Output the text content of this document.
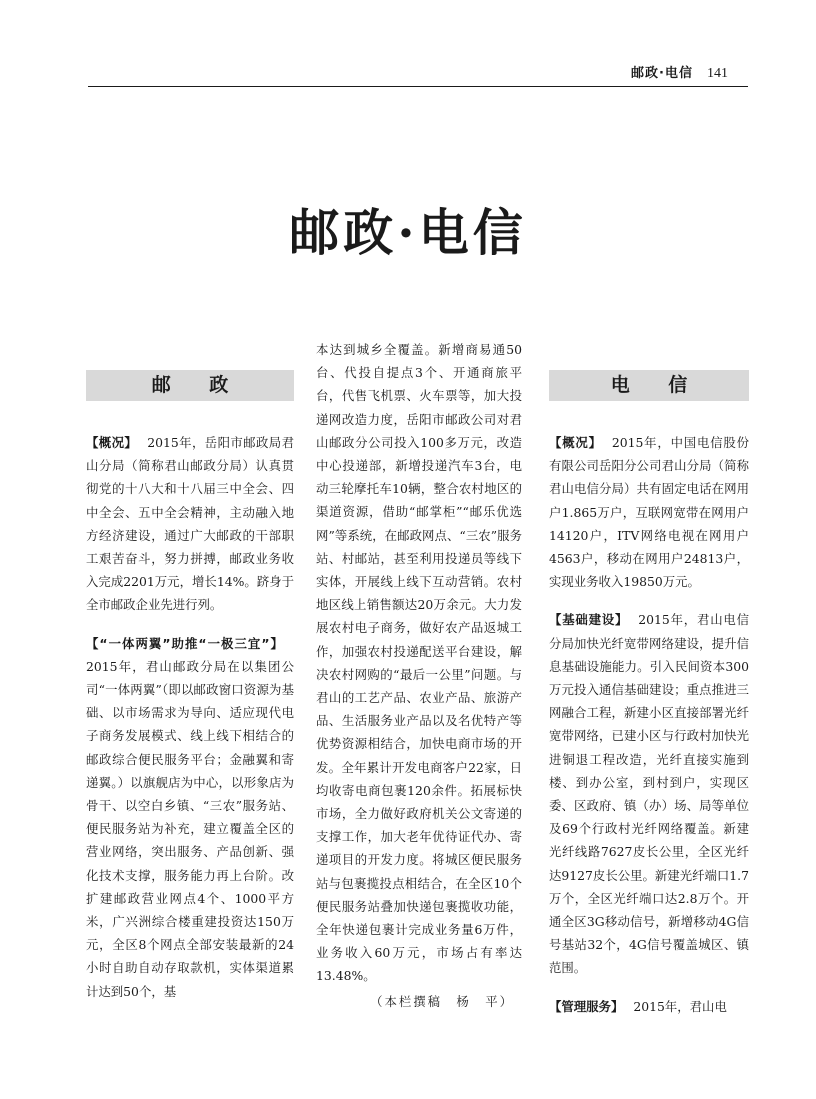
邮政·电信 141
邮政·电信
邮 政

【概况】 2015年，岳阳市邮政局君山分局（简称君山邮政分局）认真贯彻党的十八大和十八届三中全会、四中全会、五中全会精神，主动融入地方经济建设，通过广大邮政的干部职工艰苦奋斗，努力拼搏，邮政业务收入完成2201万元，增长14%。跻身于全市邮政企业先进行列。

【“一体两翼”助推“一极三宜”】2015年，君山邮政分局在以集团公司“一体两翼”（即以邮政窗口资源为基础、以市场需求为导向、适应现代电子商务发展模式、线上线下相结合的邮政综合便民服务平台；金融翼和寄递翼。）以旗舰店为中心，以形象店为骨干、以空白乡镇、“三农”服务站、便民服务站为补充，建立覆盖全区的营业网络，突出服务、产品创新、强化技术支撑，服务能力再上台阶。改扩建邮政营业网点4个、1000平方米，广兴洲综合楼重建投资达150万元，全区8个网点全部安装最新的24小时自助自动存取款机，实体渠道累计达到50个，基

本达到城乡全覆盖。新增商易通50台、代投自提点3个、开通商旅平台，代售飞机票、火车票等，加大投递网改造力度，岳阳市邮政公司对君山邮政分公司投入100多万元，改造中心投递部，新增投递汽车3台，电动三轮摩托车10辆，整合农村地区的渠道资源，借助“邮掌柜”“邮乐优选网”等系统，在邮政网点、“三农”服务站、村邮站，甚至利用投递员等线下实体，开展线上线下互动营销。农村地区线上销售额达20万余元。大力发展农村电子商务，做好农产品返城工作，加强农村投递配送平台建设，解决农村网购的“最后一公里”问题。与君山的工艺产品、农业产品、旅游产品、生活服务业产品以及名优特产等优势资源相结合，加快电商市场的开发。全年累计开发电商客户22家，日均收寄电商包裹120余件。拓展标快市场，全力做好政府机关公文寄递的支撑工作，加大老年优待证代办、寄递项目的开发力度。将城区便民服务站与包裹揽投点相结合，在全区10个便民服务站叠加快递包裹揽收功能，全年快递包裹计完成业务量6万件，业务收入60万元，市场占有率达13.48%。

（本栏撰稿　杨　平）
电 信

【概况】 2015年，中国电信股份有限公司岳阳分公司君山分局（简称君山电信分局）共有固定电话在网用户1.865万户，互联网宽带在网用户14120户，ITV网络电视在网用户4563户，移动在网用户24813户，实现业务收入19850万元。

【基础建设】 2015年，君山电信分局加快光纤宽带网络建设，提升信息基础设施能力。引入民间资本300万元投入通信基础建设；重点推进三网融合工程，新建小区直接部署光纤宽带网络，已建小区与行政村加快光进铜退工程改造，光纤直接实施到楼、到办公室，到村到户，实现区委、区政府、镇（办）场、局等单位及69个行政村光纤网络覆盖。新建光纤线路7627皮长公里，全区光纤达9127皮长公里。新建光纤端口1.7万个，全区光纤端口达2.8万个。开通全区3G移动信号，新增移动4G信号基站32个，4G信号覆盖城区、镇范围。

【管理服务】 2015年，君山电
